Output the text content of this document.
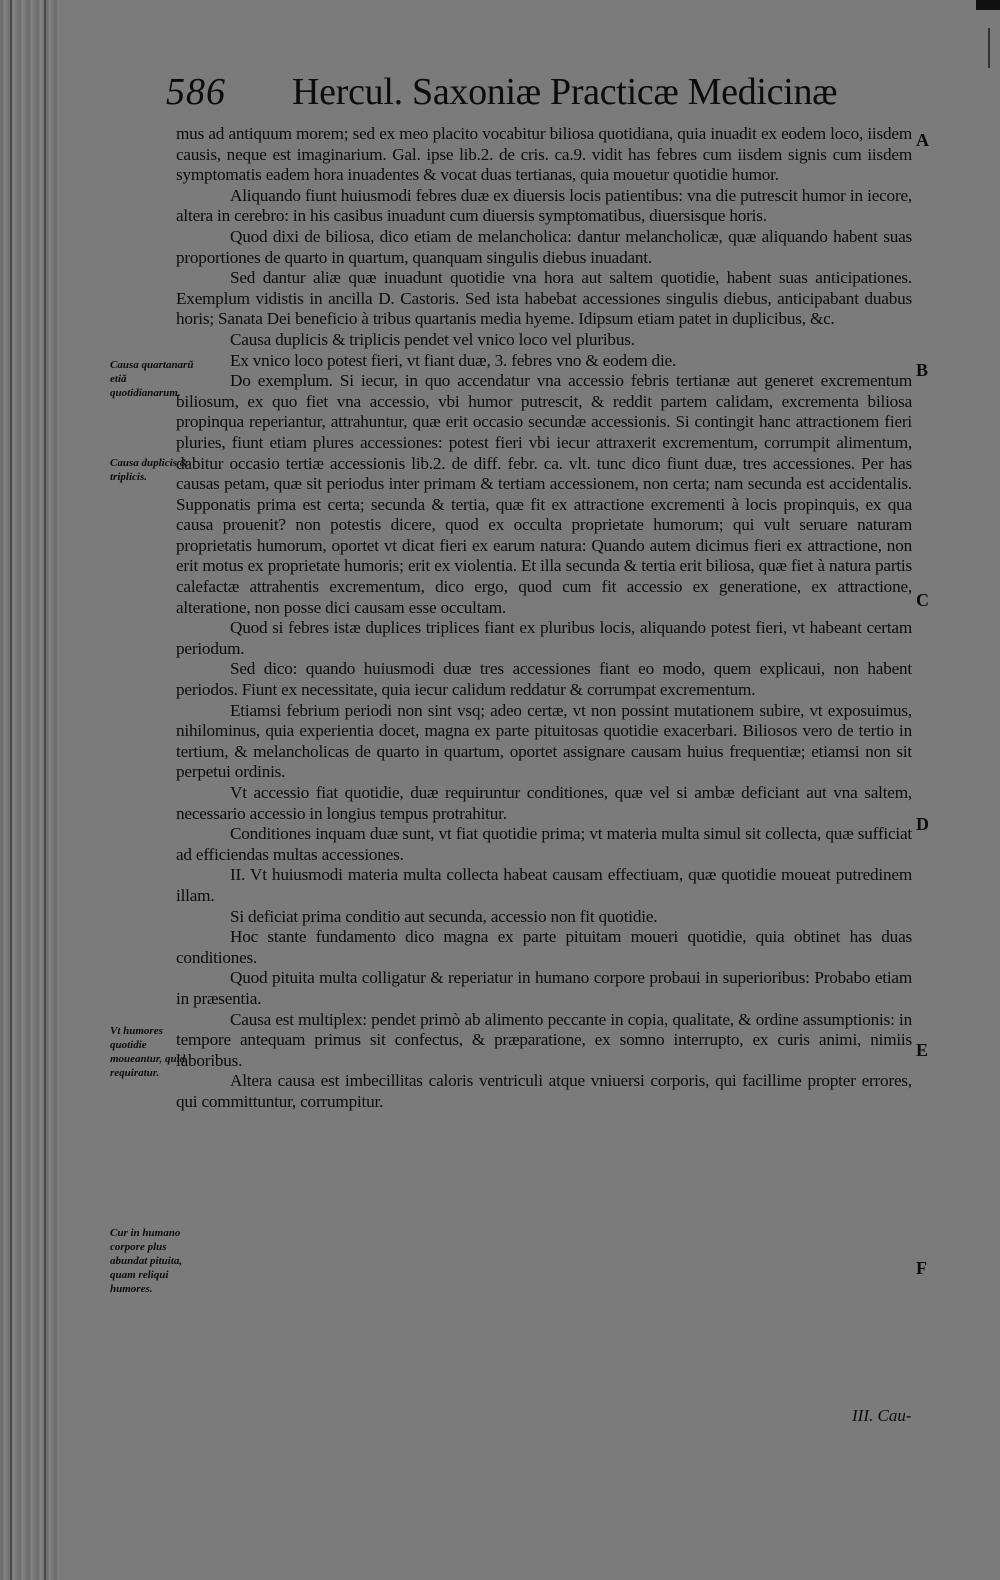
586 Hercul. Saxoniæ Practicæ Medicinæ

mus ad antiquum morem; sed ex meo placito vocabitur biliosa quotidiana, quia inuadit ex eodem loco, iisdem causis, neque est imaginarium. Gal. ipse lib.2. de cris. ca.9. vidit has febres cum iisdem signis cum iisdem symptomatis eadem hora inuadentes & vocat duas tertianas, quia mouetur quotidie humor.

Aliquando fiunt huiusmodi febres duæ ex diuersis locis patientibus: vna die putrescit humor in iecore, altera in cerebro: in his casibus inuadunt cum diuersis symptomatibus, diuersisque horis.

Quod dixi de biliosa, dico etiam de melancholica: dantur melancholicæ, quæ aliquando habent suas proportiones de quarto in quartum, quanquam singulis diebus inuadant.

Sed dantur aliæ quæ inuadunt quotidie vna hora aut saltem quotidie, habent suas anticipationes. Exemplum vidistis in ancilla D. Castoris. Sed ista habebat accessiones singulis diebus, anticipabant duabus horis; Sanata Dei beneficio à tribus quartanis media hyeme. Idipsum etiam patet in duplicibus, &c.

Causa duplicis & triplicis pendet vel vnico loco vel pluribus.

Ex vnico loco potest fieri, vt fiant duæ, 3. febres vno & eodem die.

Do exemplum. Si iecur, in quo accendatur vna accessio febris tertianæ aut generet excrementum biliosum, ex quo fiet vna accessio, vbi humor putrescit, & reddit partem calidam, excrementa biliosa propinqua reperiantur, attrahuntur, quæ erit occasio secundæ accessionis. Si contingit hanc attractionem fieri pluries, fiunt etiam plures accessiones: potest fieri vbi iecur attraxerit excrementum, corrumpit alimentum, dabitur occasio tertiæ accessionis lib.2. de diff. febr. ca. vlt. tunc dico fiunt duæ, tres accessiones. Per has causas petam, quæ sit periodus inter primam & tertiam accessionem, non certa; nam secunda est accidentalis. Supponatis prima est certa; secunda & tertia, quæ fit ex attractione excrementi à locis propinquis, ex qua causa prouenit? non potestis dicere, quod ex occulta proprietate humorum; qui vult seruare naturam proprietatis humorum, oportet vt dicat fieri ex earum natura: Quando autem dicimus fieri ex attractione, non erit motus ex proprietate humoris; erit ex violentia. Et illa secunda & tertia erit biliosa, quæ fiet à natura partis calefactæ attrahentis excrementum, dico ergo, quod cum fit accessio ex generatione, ex attractione, alteratione, non posse dici causam esse occultam.

Quod si febres istæ duplices triplices fiant ex pluribus locis, aliquando potest fieri, vt habeant certam periodum.

Sed dico: quando huiusmodi duæ tres accessiones fiant eo modo, quem explicaui, non habent periodos. Fiunt ex necessitate, quia iecur calidum reddatur & corrumpat excrementum.

Etiamsi febrium periodi non sint vsq; adeo certæ, vt non possint mutationem subire, vt exposuimus, nihilominus, quia experientia docet, magna ex parte pituitosas quotidie exacerbari. Biliosos vero de tertio in tertium, & melancholicas de quarto in quartum, oportet assignare causam huius frequentiæ; etiamsi non sit perpetui ordinis.

Vt accessio fiat quotidie, duæ requiruntur conditiones, quæ vel si ambæ deficiant aut vna saltem, necessario accessio in longius tempus protrahitur.

Conditiones inquam duæ sunt, vt fiat quotidie prima; vt materia multa simul sit collecta, quæ sufficiat ad efficiendas multas accessiones.

II. Vt huiusmodi materia multa collecta habeat causam effectiuam, quæ quotidie moueat putredinem illam.

Si deficiat prima conditio aut secunda, accessio non fit quotidie.

Hoc stante fundamento dico magna ex parte pituitam moueri quotidie, quia obtinet has duas conditiones.

Quod pituita multa colligatur & reperiatur in humano corpore probaui in superioribus: Probabo etiam in præsentia.

Causa est multiplex: pendet primò ab alimento peccante in copia, qualitate, & ordine assumptionis: in tempore antequam primus sit confectus, & præparatione, ex somno interrupto, ex curis animi, nimiis laboribus.

Altera causa est imbecillitas caloris ventriculi atque vniuersi corporis, qui facillime propter errores, qui committuntur, corrumpitur.

Causa quartanarũ etiã quotidianarum.
Causa duplicis & triplicis.
Vt humores quotidie moueantur, quid requiratur.
Cur in humano corpore plus abundat pituita, quam reliqui humores.
A
B
C
D
E
F
III. Cau-
